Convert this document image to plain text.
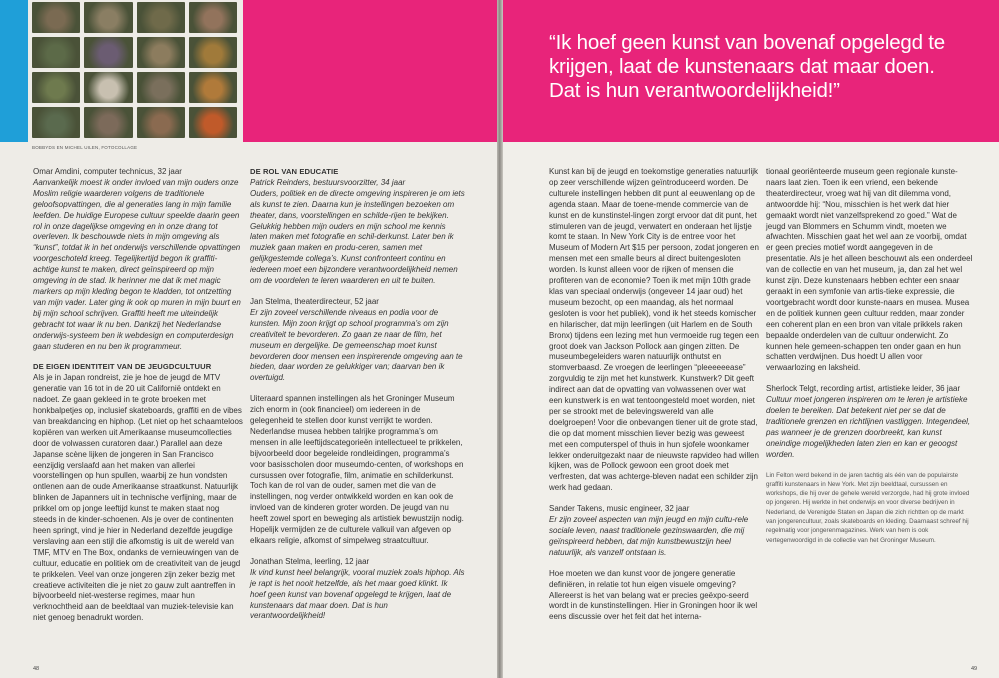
BOBBYDS EN MICHEL UILEN, FOTOCOLLAGE
Omar Amdini, computer technicus, 32 jaar

Aanvankelijk moest ik onder invloed van mijn ouders onze Moslim religie waarderen volgens de traditionele geloofsopvattingen, die al generaties lang in mijn familie leefden. De huidige Europese cultuur speelde daarin geen rol in onze dagelijkse omgeving en in onze drang tot overleven. Ik beschouwde niets in mijn omgeving als “kunst”, totdat ik in het onderwijs verschillende opvattingen voorgeschoteld kreeg. Tegelijkertijd begon ik graffiti-achtige kunst te maken, direct geïnspireerd op mijn omgeving in de stad. Ik herinner me dat ik met magic markers op mijn kleding begon te kladden, tot ontzetting van mijn vader. Later ging ik ook op muren in mijn buurt en bij mijn school schrijven. Graffiti heeft me uiteindelijk gebracht tot waar ik nu ben. Dankzij het Nederlandse onderwijs-systeem ben ik webdesign en computerdesign gaan studeren en nu ben ik programmeur.

DE EIGEN IDENTITEIT VAN DE JEUGDCULTUUR

Als je in Japan rondreist, zie je hoe de jeugd de MTV generatie van 16 tot in de 20 uit Californië ontdekt en nadoet. Ze gaan gekleed in te grote broeken met honkbalpetjes op, inclusief skateboards, graffiti en de vibes van breakdancing en hiphop. (Let niet op het schaamteloos kopiëren van werken uit Amerikaanse museumcollecties door de volwassen curatoren daar.) Parallel aan deze Japanse scène lijken de jongeren in San Francisco eenzijdig verslaafd aan het maken van allerlei voorstellingen op hun spullen, waarbij ze hun vondsten ontlenen aan de oude Amerikaanse straatkunst. Natuurlijk blinken de Japanners uit in technische verfijning, maar de prikkel om op jonge leeftijd kunst te maken staat nog steeds in de kinder-schoenen. Als je over de continenten heen springt, vind je hier in Nederland dezelfde jeugdige verslaving aan een stijl die afkomstig is uit de wereld van TMF, MTV en The Box, ondanks de vernieuwingen van de cultuur, educatie en politiek om de creativiteit van de jeugd te prikkelen. Veel van onze jongeren zijn zeker bezig met creatieve activiteiten die je niet zo gauw zult aantreffen in bijvoorbeeld niet-westerse regimes, maar hun verknochtheid aan de beeldtaal van muziek-televisie kan niet genoeg benadrukt worden.

DE ROL VAN EDUCATIE
Patrick Reinders, bestuursvoorzitter, 34 jaar

Ouders, politiek en de directe omgeving inspireren je om iets als kunst te zien. Daarna kun je instellingen bezoeken om theater, dans, voorstellingen en schilde-rijen te bekijken. Gelukkig hebben mijn ouders en mijn school me kennis laten maken met fotografie en schil-derkunst. Later ben ik muziek gaan maken en produ-ceren, samen met gelijkgestemde collega’s. Kunst confronteert continu en iedereen moet een bijzondere verantwoordelijkheid nemen om de voordelen te leren waarderen en uit te buiten.

Jan Stelma, theaterdirecteur, 52 jaar

Er zijn zoveel verschillende niveaus en podia voor de kunsten. Mijn zoon krijgt op school programma’s om zijn creativiteit te bevorderen. Zo gaan ze naar de film, het museum en dergelijke. De gemeenschap moet kunst bevorderen door mensen een inspirerende omgeving aan te bieden, daar worden ze gelukkiger van; daarvan ben ik overtuigd.

Uiteraard spannen instellingen als het Groninger Museum zich enorm in (ook financieel) om iedereen in de gelegenheid te stellen door kunst verrijkt te worden. Nederlandse musea hebben talrijke programma’s om mensen in alle leeftijdscategorieën intellectueel te prikkelen, bijvoorbeeld door begeleide rondleidingen, programma’s voor basisscholen door museumdo-centen, of workshops en cursussen over fotografie, film, animatie en schilderkunst. Toch kan de rol van de ouder, samen met die van de instellingen, nog verder ontwikkeld worden en kan ook de invloed van de kinderen groter worden. De jeugd van nu heeft zowel sport en beweging als artistiek bewustzijn nodig. Hopelijk vermijden ze de culturele valkuil van afgeven op elkaars religie, afkomst of simpelweg straatcultuur.

Jonathan Stelma, leerling, 12 jaar

Ik vind kunst heel belangrijk, vooral muziek zoals hiphop. Als je rapt is het nooit hetzelfde, als het maar goed klinkt. Ik hoef geen kunst van bovenaf opgelegd te krijgen, laat de kunstenaars dat maar doen. Dat is hun verantwoordelijkheid!

48
“Ik hoef geen kunst van bovenaf opgelegd te krijgen, laat de kunstenaars dat maar doen. Dat is hun verantwoordelijkheid!”

Kunst kan bij de jeugd en toekomstige generaties natuurlijk op zeer verschillende wijzen geïntroduceerd worden. De culturele instellingen hebben dit punt al eeuwenlang op de agenda staan. Maar de toene-mende commercie van de kunst en de kunstinstel-lingen zorgt ervoor dat dit punt, het stimuleren van de jeugd, verwatert en onderaan het lijstje komt te staan. In New York City is de entree voor het Museum of Modern Art $15 per persoon, zodat jongeren en mensen met een smalle beurs al direct buitengesloten worden. Is kunst alleen voor de rijken of mensen die profiteren van de economie? Toen ik met mijn 10th grade klas van speciaal onderwijs (ongeveer 14 jaar oud) het museum bezocht, op een maandag, als het normaal gesloten is voor het publiek), vond ik het steeds komischer en hilarischer, dat mijn leerlingen (uit Harlem en de South Bronx) tijdens een lezing met hun vermoeide rug tegen een groot doek van Jackson Pollock aan gingen zitten. De museumbegeleiders waren natuurlijk onthutst en stomverbaasd. Ze vroegen de leerlingen “pleeeeeease” zorgvuldig te zijn met het kunstwerk. Kunstwerk? Dit geeft indirect aan dat de opvatting van volwassenen over wat een kunstwerk is en wat tentoongesteld moet worden, niet per se strookt met de belevingswereld van alle doelgroepen! Voor die onbevangen tiener uit de grote stad, die op dat moment misschien liever bezig was geweest met een computerspel of thuis in hun sjofele woonkamer lekker onderuitgezakt naar de nieuwste rapvideo had willen kijken, was de Pollock gewoon een groot doek met verfresten, dat was achterge-bleven nadat een schilder zijn werk had gedaan.

Sander Takens, music engineer, 32 jaar

Er zijn zoveel aspecten van mijn jeugd en mijn cultu-rele sociale leven, naast traditionele gezinswaarden, die mij geïnspireerd hebben, dat mijn kunstbewustzijn heel natuurlijk, als vanzelf ontstaan is.

Hoe moeten we dan kunst voor de jongere generatie definiëren, in relatie tot hun eigen visuele omgeving? Allereerst is het van belang wat er precies geëxpo-seerd wordt in de kunstinstellingen. Hier in Groningen hoor ik wel eens discussie over het feit dat het interna-

tionaal georiënteerde museum geen regionale kunste-naars laat zien. Toen ik een vriend, een bekende theaterdirecteur, vroeg wat hij van dit dilemma vond, antwoordde hij: “Nou, misschien is het werk dat hier gemaakt wordt niet vanzelfsprekend zo goed.” Wat de jeugd van Blommers en Schumm vindt, moeten we afwachten. Misschien gaat het wel aan ze voorbij, omdat er geen precies motief wordt aangegeven in de presentatie. Als je het alleen beschouwt als een onderdeel van de collectie en van het museum, ja, dan zal het wel kunst zijn. Deze kunstenaars hebben echter een snaar geraakt in een symfonie van artis-tieke expressie, die voortgebracht wordt door kunste-naars en musea. Musea en de politiek kunnen geen cultuur redden, maar zonder een coherent plan en een bron van vitale prikkels raken bepaalde onderdelen van de cultuur onderwicht. Zo kunnen hele gemeen-schappen ten onder gaan en hun schatten verdwijnen. Dus hoedt U allen voor verwaarlozing en laksheid.

Sherlock Telgt, recording artist, artistieke leider, 36 jaar

Cultuur moet jongeren inspireren om te leren je artistieke doelen te bereiken. Dat betekent niet per se dat de traditionele grenzen en richtlijnen vastliggen. Integendeel, pas wanneer je de grenzen doorbreekt, kan kunst oneindige mogelijkheden laten zien en kan er geoogst worden.

Lin Felton werd bekend in de jaren tachtig als één van de populairste graffiti kunstenaars in New York. Met zijn beeldtaal, cursussen en workshops, die hij over de gehele wereld verzorgde, had hij grote invloed op jongeren. Hij werkte in het onderwijs en voor diverse bedrijven in Nederland, de Verenigde Staten en Japan die zich richtten op de markt van jongerencultuur, zoals skateboards en kleding. Daarnaast schreef hij regelmatig voor jongerenmagazines. Werk van hem is ook vertegenwoordigd in de collectie van het Groninger Museum.

49
